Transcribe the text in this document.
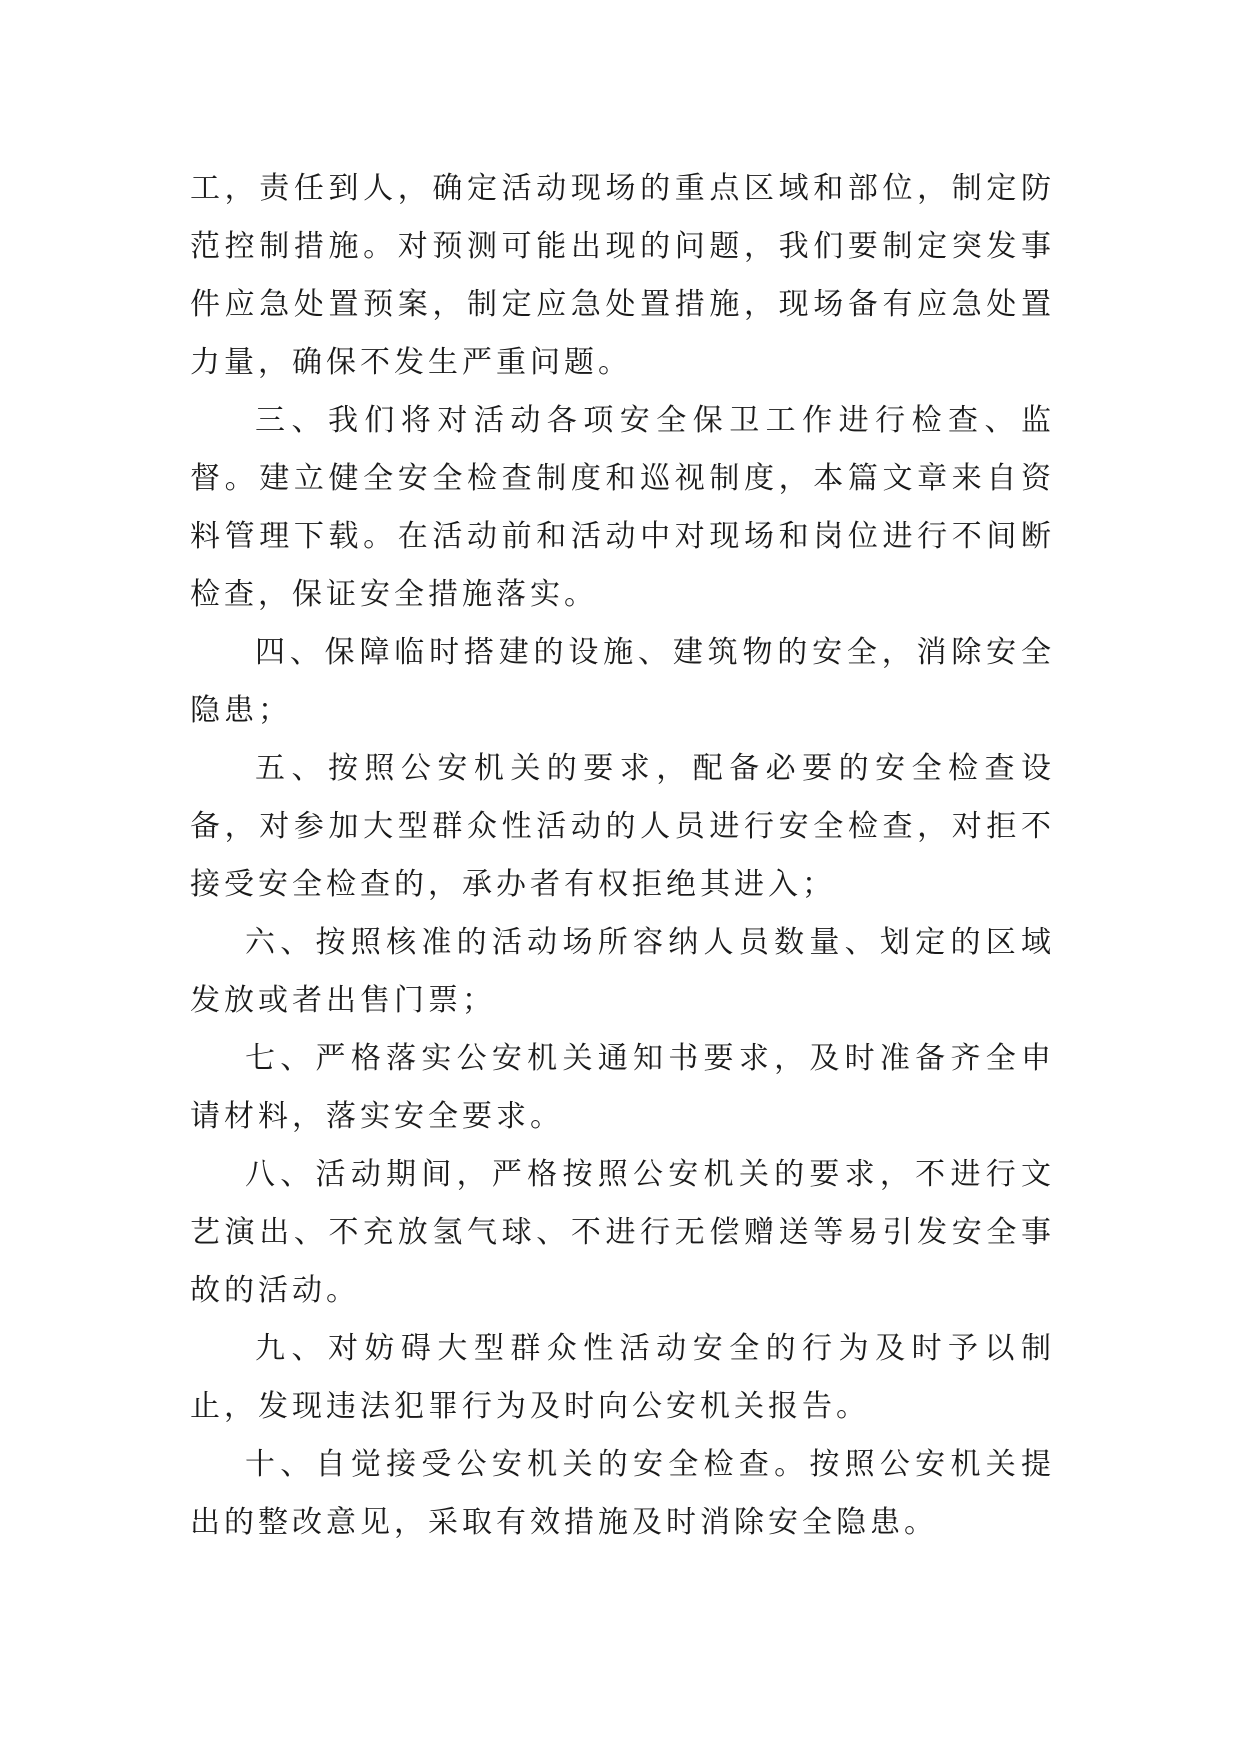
工，责任到人，确定活动现场的重点区域和部位，制定防范控制措施。对预测可能出现的问题，我们要制定突发事件应急处置预案，制定应急处置措施，现场备有应急处置力量，确保不发生严重问题。

三、我们将对活动各项安全保卫工作进行检查、监督。建立健全安全检查制度和巡视制度，本篇文章来自资料管理下载。在活动前和活动中对现场和岗位进行不间断检查，保证安全措施落实。

四、保障临时搭建的设施、建筑物的安全，消除安全隐患；

五、按照公安机关的要求，配备必要的安全检查设备，对参加大型群众性活动的人员进行安全检查，对拒不接受安全检查的，承办者有权拒绝其进入；

六、按照核准的活动场所容纳人员数量、划定的区域发放或者出售门票；

七、严格落实公安机关通知书要求，及时准备齐全申请材料，落实安全要求。

八、活动期间，严格按照公安机关的要求，不进行文艺演出、不充放氢气球、不进行无偿赠送等易引发安全事故的活动。

九、对妨碍大型群众性活动安全的行为及时予以制止，发现违法犯罪行为及时向公安机关报告。

十、自觉接受公安机关的安全检查。按照公安机关提出的整改意见，采取有效措施及时消除安全隐患。
